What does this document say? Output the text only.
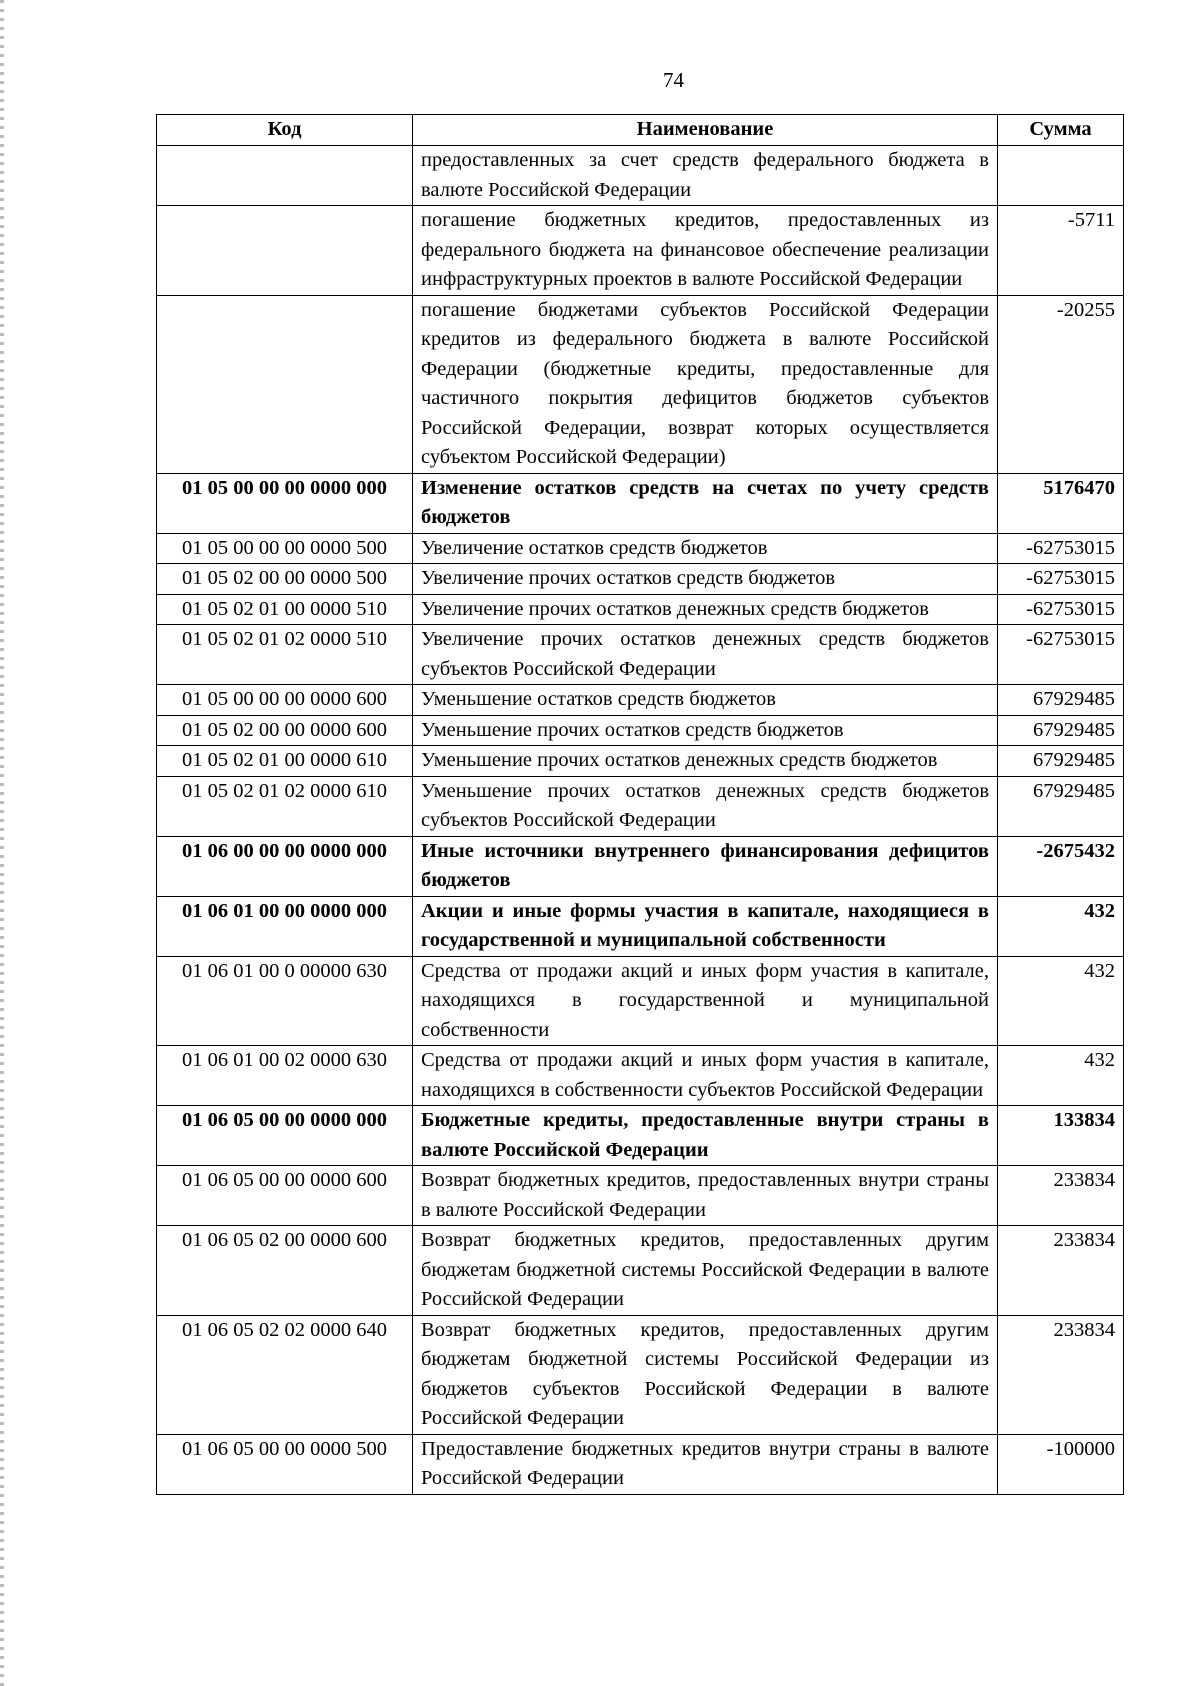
74
Код	Наименование	Сумма
	предоставленных за счет средств федерального бюджета в валюте Российской Федерации	
	погашение бюджетных кредитов, предоставленных из федерального бюджета на финансовое обеспечение реализации инфраструктурных проектов в валюте Российской Федерации	-5711
	погашение бюджетами субъектов Российской Федерации кредитов из федерального бюджета в валюте Российской Федерации (бюджетные кредиты, предоставленные для частичного покрытия дефицитов бюджетов субъектов Российской Федерации, возврат которых осуществляется субъектом Российской Федерации)	-20255
01 05 00 00 00 0000 000	Изменение остатков средств на счетах по учету средств бюджетов	5176470
01 05 00 00 00 0000 500	Увеличение остатков средств бюджетов	-62753015
01 05 02 00 00 0000 500	Увеличение прочих остатков средств бюджетов	-62753015
01 05 02 01 00 0000 510	Увеличение прочих остатков денежных средств бюджетов	-62753015
01 05 02 01 02 0000 510	Увеличение прочих остатков денежных средств бюджетов субъектов Российской Федерации	-62753015
01 05 00 00 00 0000 600	Уменьшение остатков средств бюджетов	67929485
01 05 02 00 00 0000 600	Уменьшение прочих остатков средств бюджетов	67929485
01 05 02 01 00 0000 610	Уменьшение прочих остатков денежных средств бюджетов	67929485
01 05 02 01 02 0000 610	Уменьшение прочих остатков денежных средств бюджетов субъектов Российской Федерации	67929485
01 06 00 00 00 0000 000	Иные источники внутреннего финансирования дефицитов бюджетов	-2675432
01 06 01 00 00 0000 000	Акции и иные формы участия в капитале, находящиеся в государственной и муниципальной собственности	432
01 06 01 00 0 00000 630	Средства от продажи акций и иных форм участия в капитале, находящихся в государственной и муниципальной собственности	432
01 06 01 00 02 0000 630	Средства от продажи акций и иных форм участия в капитале, находящихся в собственности субъектов Российской Федерации	432
01 06 05 00 00 0000 000	Бюджетные кредиты, предоставленные внутри страны в валюте Российской Федерации	133834
01 06 05 00 00 0000 600	Возврат бюджетных кредитов, предоставленных внутри страны в валюте Российской Федерации	233834
01 06 05 02 00 0000 600	Возврат бюджетных кредитов, предоставленных другим бюджетам бюджетной системы Российской Федерации в валюте Российской Федерации	233834
01 06 05 02 02 0000 640	Возврат бюджетных кредитов, предоставленных другим бюджетам бюджетной системы Российской Федерации из бюджетов субъектов Российской Федерации в валюте Российской Федерации	233834
01 06 05 00 00 0000 500	Предоставление бюджетных кредитов внутри страны в валюте Российской Федерации	-100000
